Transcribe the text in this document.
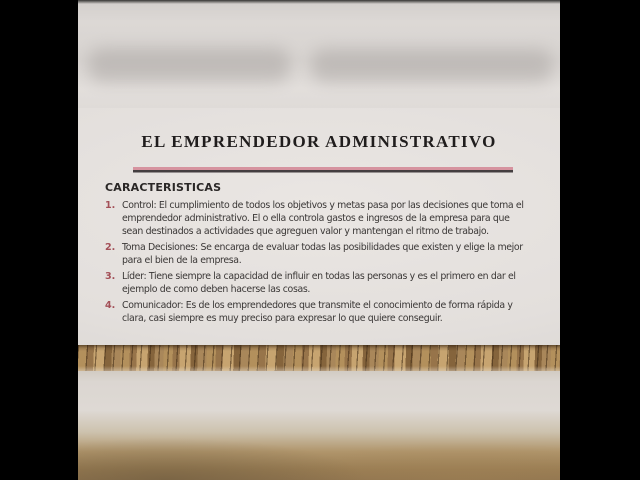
EL EMPRENDEDOR ADMINISTRATIVO
CARACTERISTICAS
1. Control: El cumplimiento de todos los objetivos y metas pasa por las decisiones que toma el emprendedor administrativo. El o ella controla gastos e ingresos de la empresa para que sean destinados a actividades que agreguen valor y mantengan el ritmo de trabajo.
2. Toma Decisiones: Se encarga de evaluar todas las posibilidades que existen y elige la mejor para el bien de la empresa.
3. Líder: Tiene siempre la capacidad de influir en todas las personas y es el primero en dar el ejemplo de como deben hacerse las cosas.
4. Comunicador: Es de los emprendedores que transmite el conocimiento de forma rápida y clara, casi siempre es muy preciso para expresar lo que quiere conseguir.
